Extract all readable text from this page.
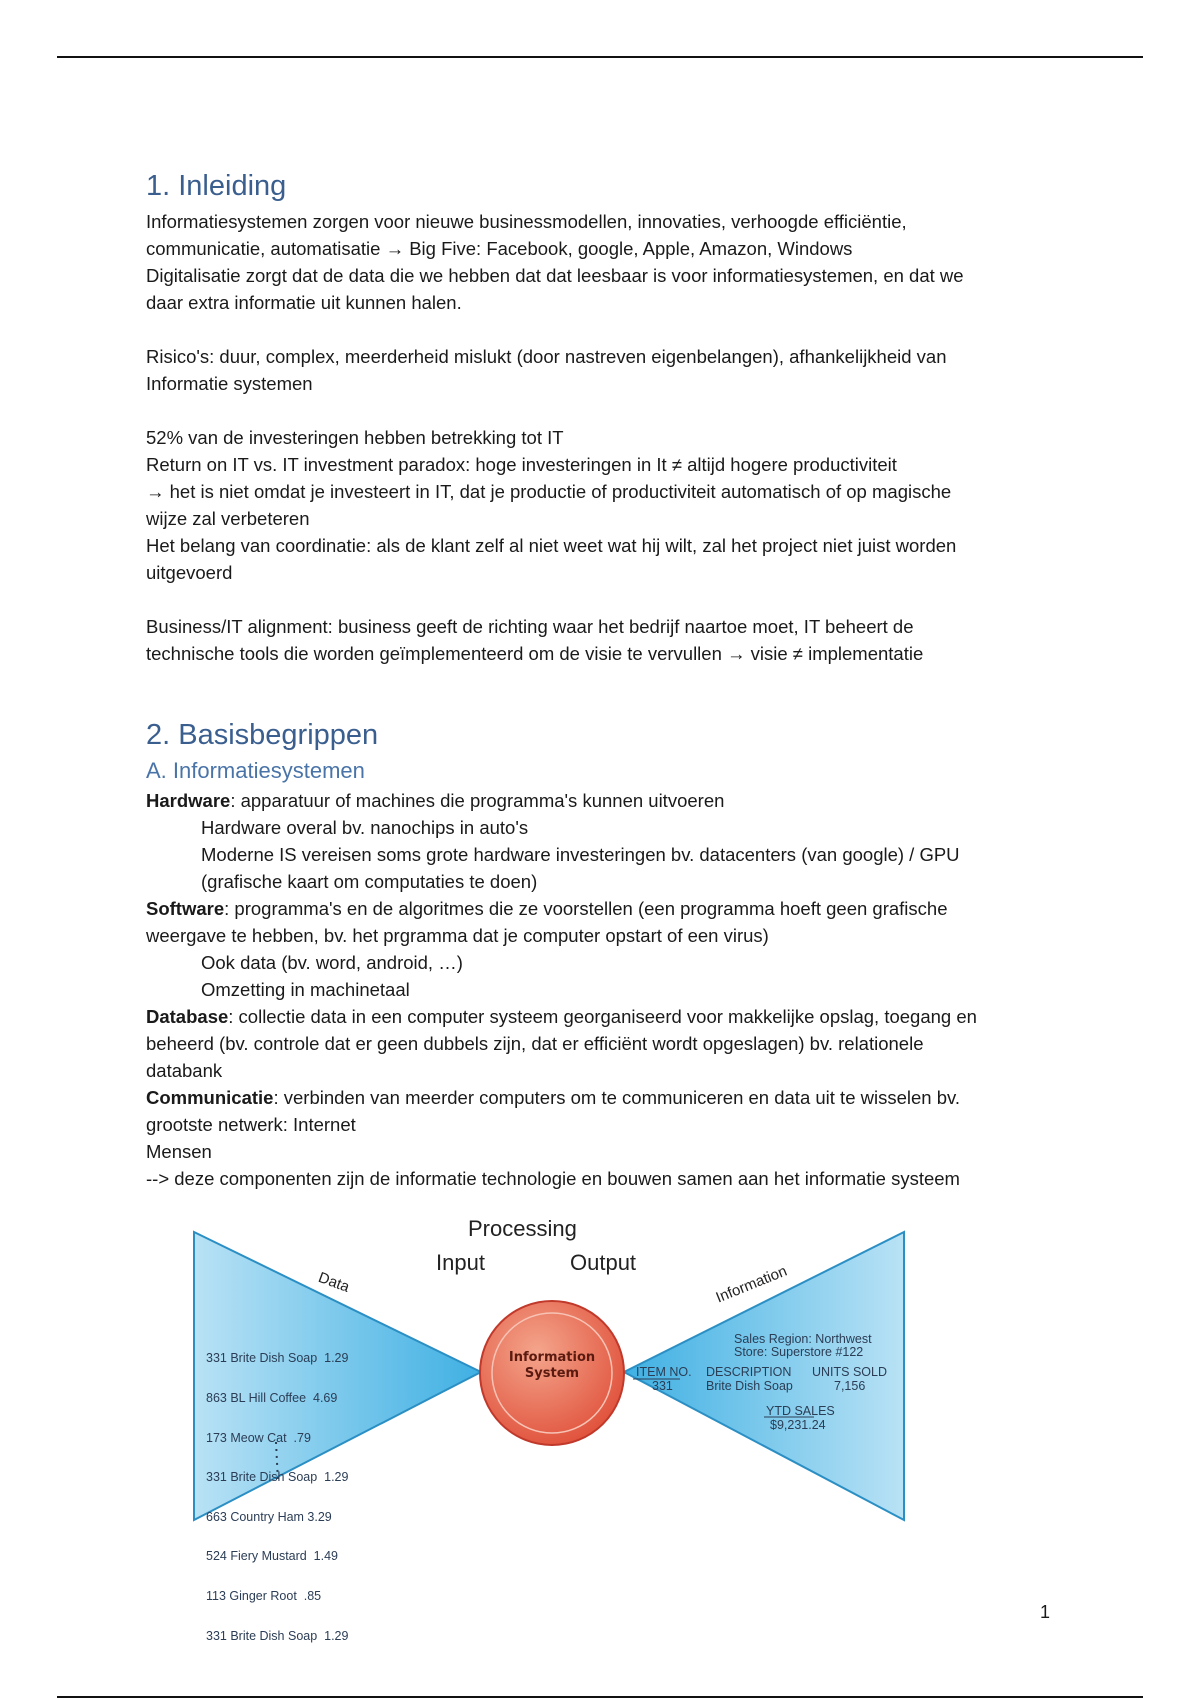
1. Inleiding

Informatiesystemen zorgen voor nieuwe businessmodellen, innovaties, verhoogde efficiëntie,

communicatie, automatisatie → Big Five: Facebook, google, Apple, Amazon, Windows

Digitalisatie zorgt dat de data die we hebben dat dat leesbaar is voor informatiesystemen, en dat we

daar extra informatie uit kunnen halen.

Risico's: duur, complex, meerderheid mislukt (door nastreven eigenbelangen), afhankelijkheid van

Informatie systemen

52% van de investeringen hebben betrekking tot IT

Return on IT vs. IT investment paradox: hoge investeringen in It ≠ altijd hogere productiviteit

→ het is niet omdat je investeert in IT, dat je productie of productiviteit automatisch of op magische

wijze zal verbeteren

Het belang van coordinatie: als de klant zelf al niet weet wat hij wilt, zal het project niet juist worden

uitgevoerd

Business/IT alignment: business geeft de richting waar het bedrijf naartoe moet, IT beheert de

technische tools die worden geïmplementeerd om de visie te vervullen → visie ≠ implementatie

2. Basisbegrippen
A. Informatiesystemen

Hardware: apparatuur of machines die programma's kunnen uitvoeren

Hardware overal bv. nanochips in auto's

Moderne IS vereisen soms grote hardware investeringen bv. datacenters (van google) / GPU

(grafische kaart om computaties te doen)

Software: programma's en de algoritmes die ze voorstellen (een programma hoeft geen grafische

weergave te hebben, bv. het prgramma dat je computer opstart of een virus)

Ook data (bv. word, android, …)

Omzetting in machinetaal

Database: collectie data in een computer systeem georganiseerd voor makkelijke opslag, toegang en

beheerd (bv. controle dat er geen dubbels zijn, dat er efficiënt wordt opgeslagen) bv. relationele

databank

Communicatie: verbinden van meerder computers om te communiceren en data uit te wisselen bv.

grootste netwerk: Internet

Mensen

--> deze componenten zijn de informatie technologie en bouwen samen aan het informatie systeem

Processing
Input	Output
Data	Information
Information
System

331 Brite Dish Soap  1.29

863 BL Hill Coffee  4.69

173 Meow Cat  .79

331 Brite Dish Soap  1.29

663 Country Ham 3.29

524 Fiery Mustard  1.49

113 Ginger Root  .85

331 Brite Dish Soap  1.29

Sales Region: Northwest
Store: Superstore #122
ITEM NO. DESCRIPTION UNITS SOLD
331	Brite Dish Soap	7,156
YTD SALES
$9,231.24
1
